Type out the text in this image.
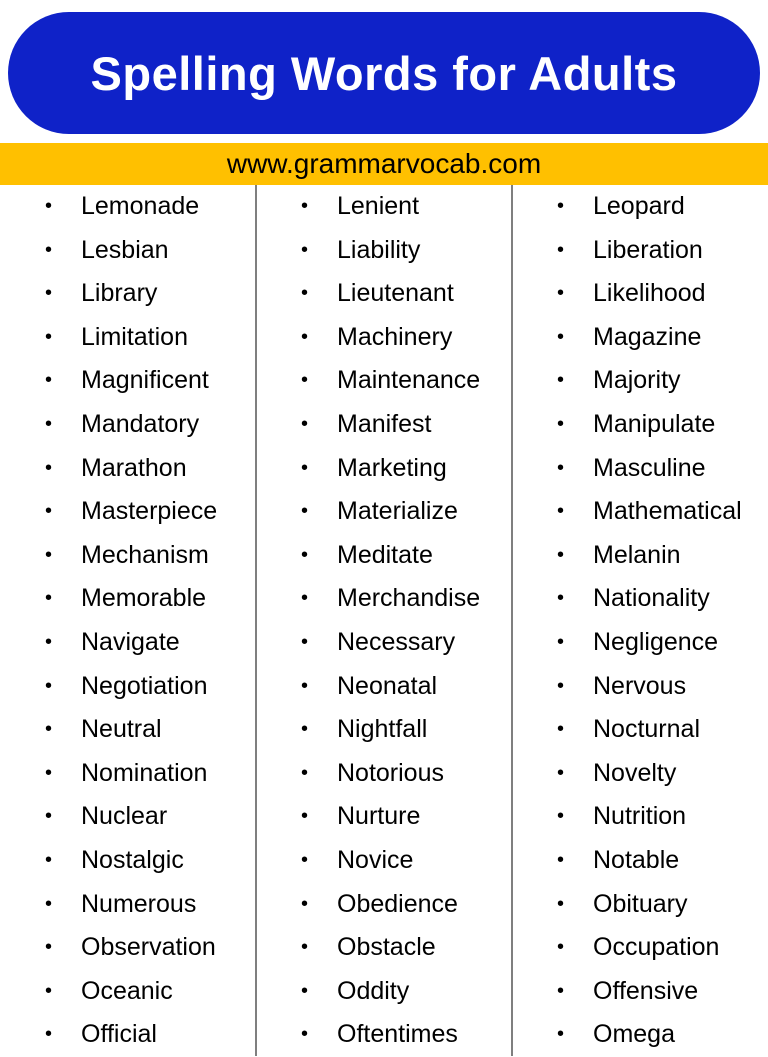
Spelling Words for Adults
www.grammarvocab.com
• Lemonade
• Lesbian
• Library
• Limitation
• Magnificent
• Mandatory
• Marathon
• Masterpiece
• Mechanism
• Memorable
• Navigate
• Negotiation
• Neutral
• Nomination
• Nuclear
• Nostalgic
• Numerous
• Observation
• Oceanic
• Official
• Lenient
• Liability
• Lieutenant
• Machinery
• Maintenance
• Manifest
• Marketing
• Materialize
• Meditate
• Merchandise
• Necessary
• Neonatal
• Nightfall
• Notorious
• Nurture
• Novice
• Obedience
• Obstacle
• Oddity
• Oftentimes
• Leopard
• Liberation
• Likelihood
• Magazine
• Majority
• Manipulate
• Masculine
• Mathematical
• Melanin
• Nationality
• Negligence
• Nervous
• Nocturnal
• Novelty
• Nutrition
• Notable
• Obituary
• Occupation
• Offensive
• Omega
